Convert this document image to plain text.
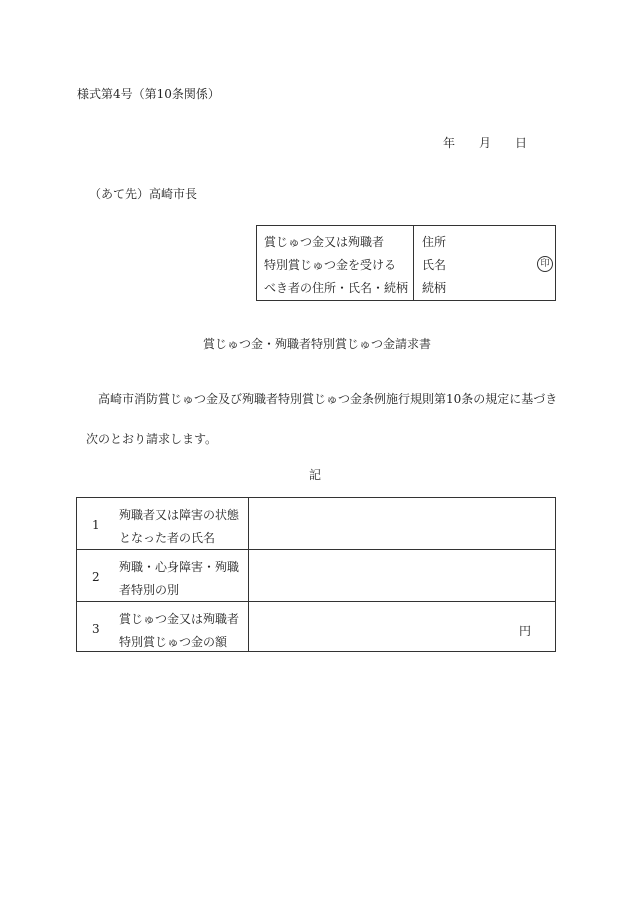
様式第4号（第10条関係）
年 月 日
（あて先）高崎市長
賞じゅつ金又は殉職者
特別賞じゅつ金を受ける
べき者の住所・氏名・続柄
住所
氏名
続柄
印
賞じゅつ金・殉職者特別賞じゅつ金請求書
高崎市消防賞じゅつ金及び殉職者特別賞じゅつ金条例施行規則第10条の規定に基づき
次のとおり請求します。
記
1
殉職者又は障害の状態
となった者の氏名
2
殉職・心身障害・殉職
者特別の別
3
賞じゅつ金又は殉職者
特別賞じゅつ金の額
円
